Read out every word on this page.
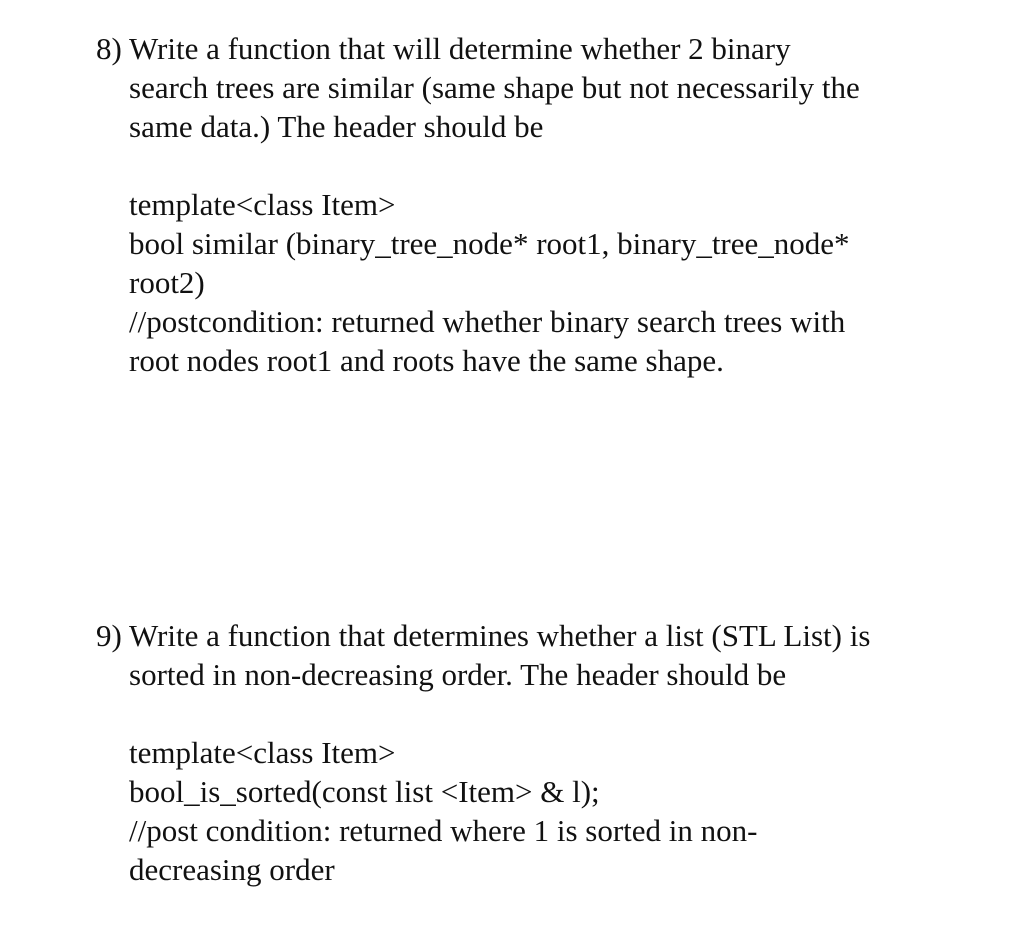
8) Write a function that will determine whether 2 binary
search trees are similar (same shape but not necessarily the
same data.) The header should be
template<class Item>
bool similar (binary_tree_node* root1, binary_tree_node*
root2)
//postcondition: returned whether binary search trees with
root nodes root1 and roots have the same shape.
9) Write a function that determines whether a list (STL List) is
sorted in non-decreasing order. The header should be
template<class Item>
bool_is_sorted(const list <Item> & l);
//post condition: returned where 1 is sorted in non-
decreasing order
